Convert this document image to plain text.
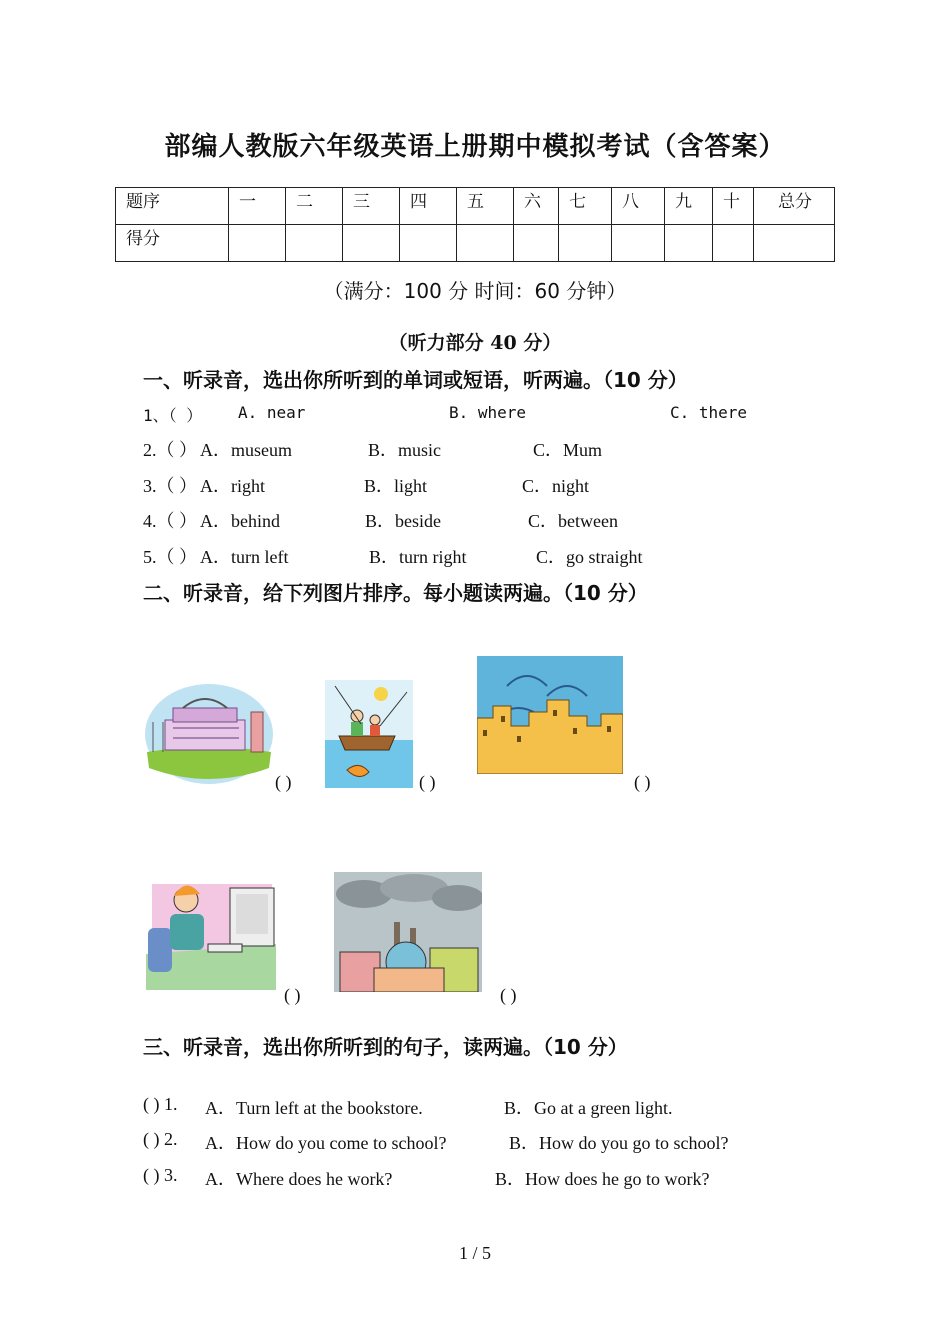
部编人教版六年级英语上册期中模拟考试（含答案）
题序	一	二	三	四	五	六	七	八	九	十	总分
得分											
（满分：100 分 时间：60 分钟）
（听力部分 40 分）
一、听录音，选出你所听到的单词或短语，听两遍。（10 分）
1、（ ） A. near	B. where	C. there
2.（ ） A．museum	B．music	C．Mum
3.（ ） A．right	B．light	C．night
4.（ ） A．behind	B．beside	C．between
5.（ ） A．turn left	B．turn right	C．go straight
二、听录音，给下列图片排序。每小题读两遍。（10 分）
( )	( )	( )
( )	( )
三、听录音，选出你所听到的句子，读两遍。（10 分）
( ) 1. A．Turn left at the bookstore.	B．Go at a green light.
( ) 2. A．How do you come to school?	B．How do you go to school?
( ) 3. A．Where does he work?	B．How does he go to work?
1 / 5
